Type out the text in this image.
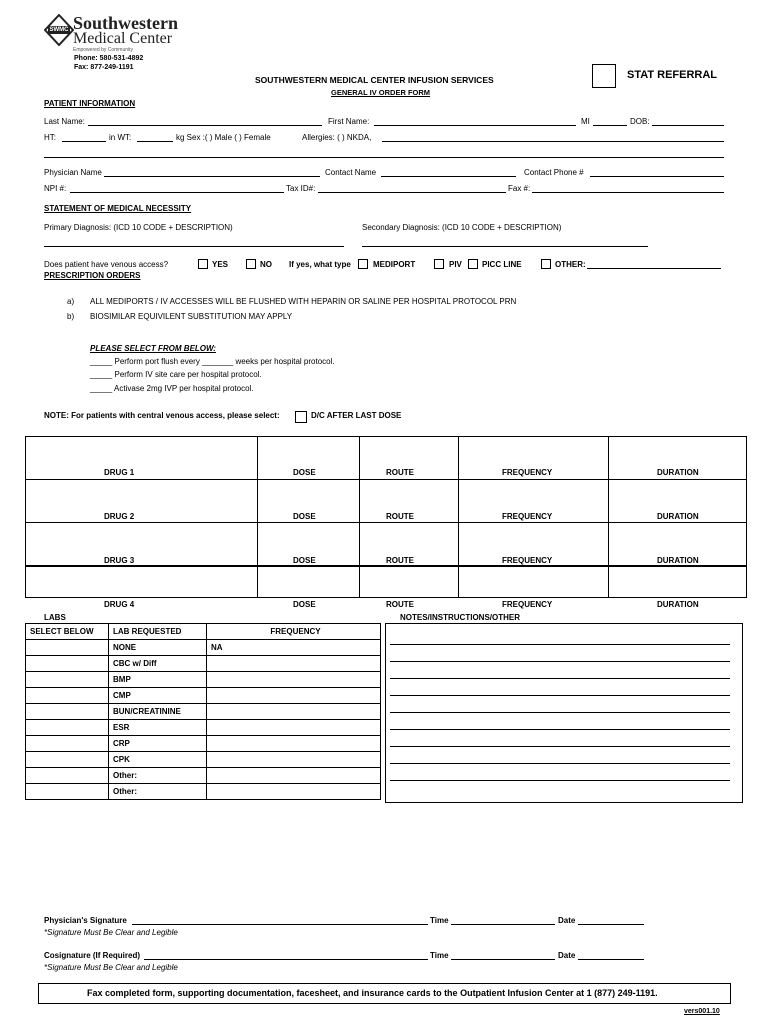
SWMC Southwestern
Medical Center
Empowered by Community
Phone: 580-531-4892
Fax: 877-249-1191
SOUTHWESTERN MEDICAL CENTER INFUSION SERVICES
GENERAL IV ORDER FORM
STAT REFERRAL
PATIENT INFORMATION
Last Name:	First Name:	MI	DOB:
HT:	in WT:	kg Sex :( ) Male ( ) Female	Allergies: ( ) NKDA,
Physician Name	Contact Name	Contact Phone #
NPI #:	Tax ID#:	Fax #:
STATEMENT OF MEDICAL NECESSITY
Primary Diagnosis: (ICD 10 CODE + DESCRIPTION)	Secondary Diagnosis: (ICD 10 CODE + DESCRIPTION)
Does patient have venous access?	YES	NO If yes, what type	MEDIPORT	PIV	PICC LINE	OTHER:
PRESCRIPTION ORDERS
a) ALL MEDIPORTS / IV ACCESSES WILL BE FLUSHED WITH HEPARIN OR SALINE PER HOSPITAL PROTOCOL PRN
b) BIOSIMILAR EQUIVILENT SUBSTITUTION MAY APPLY
PLEASE SELECT FROM BELOW:
_____ Perform port flush every _______ weeks per hospital protocol.
_____ Perform IV site care per hospital protocol.
_____ Activase 2mg IVP per hospital protocol.
NOTE: For patients with central venous access, please select:	D/C AFTER LAST DOSE

DRUG 1	DOSE	ROUTE	FREQUENCY	DURATION
DRUG 2	DOSE	ROUTE	FREQUENCY	DURATION
DRUG 3	DOSE	ROUTE	FREQUENCY	DURATION

DRUG 4	DOSE	ROUTE	FREQUENCY	DURATION
LABS	NOTES/INSTRUCTIONS/OTHER
SELECT BELOW	LAB REQUESTED	FREQUENCY
	NONE	NA
	CBC w/ Diff	
	BMP	
	CMP	
	BUN/CREATININE	
	ESR	
	CRP	
	CPK	
	Other:	
	Other:	
Physician's Signature	Time	Date
*Signature Must Be Clear and Legible
Cosignature (If Required)	Time	Date
*Signature Must Be Clear and Legible
Fax completed form, supporting documentation, facesheet, and insurance cards to the Outpatient Infusion Center at 1 (877) 249-1191.
vers001.10
